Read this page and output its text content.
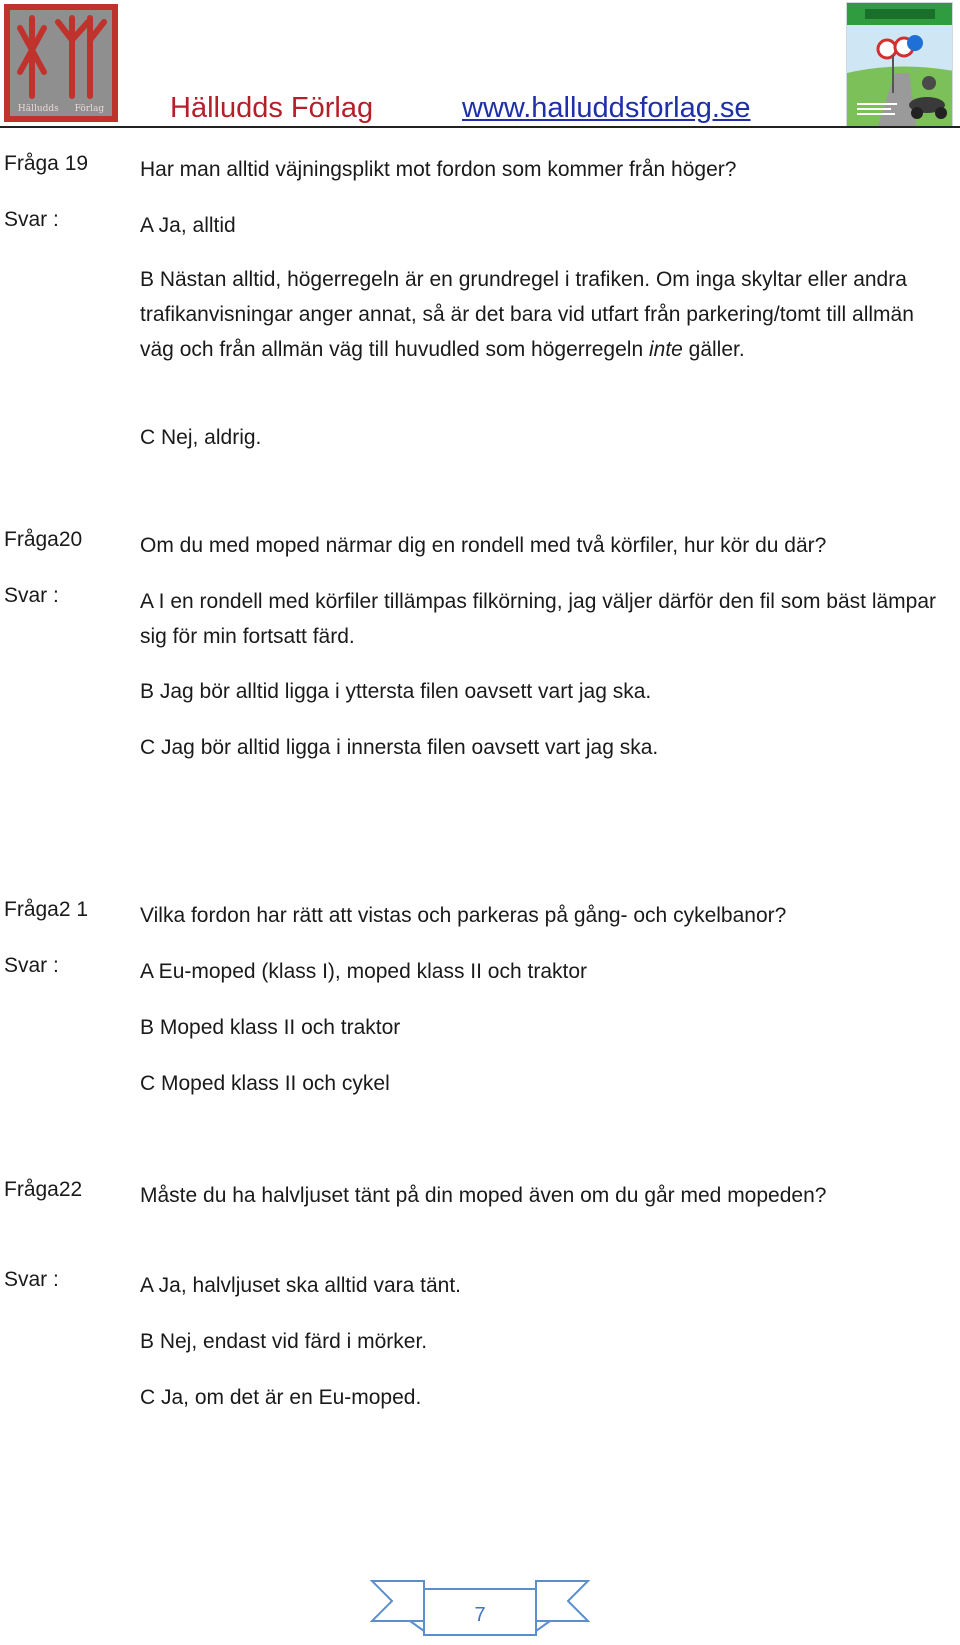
Hälludds Förlag Hälludds Förlag	www.halluddsforlag.se
Fråga 19 Har man alltid väjningsplikt mot fordon som kommer från höger?
Svar :	A Ja, alltid
B Nästan alltid, högerregeln är en grundregel i trafiken. Om inga skyltar eller andra trafikanvisningar anger annat, så är det bara vid utfart från parkering/tomt till allmän väg och från allmän väg till huvudled som högerregeln inte gäller.
C Nej, aldrig.
Fråga20	Om du med moped närmar dig en rondell med två körfiler, hur kör du där?
Svar :	A I en rondell med körfiler tillämpas filkörning, jag väljer därför den fil som bäst lämpar sig för min fortsatt färd.
B Jag bör alltid ligga i yttersta filen oavsett vart jag ska.
C Jag bör alltid ligga i innersta filen oavsett vart jag ska.
Fråga2 1 Vilka fordon har rätt att vistas och parkeras på gång- och cykelbanor?
Svar :	A Eu-moped (klass I), moped klass II och traktor
B Moped klass II och traktor
C Moped klass II och cykel
Fråga22	Måste du ha halvljuset tänt på din moped även om du går med mopeden?
Svar :	A Ja, halvljuset ska alltid vara tänt.
B Nej, endast vid färd i mörker.
C Ja, om det är en Eu-moped.
7
